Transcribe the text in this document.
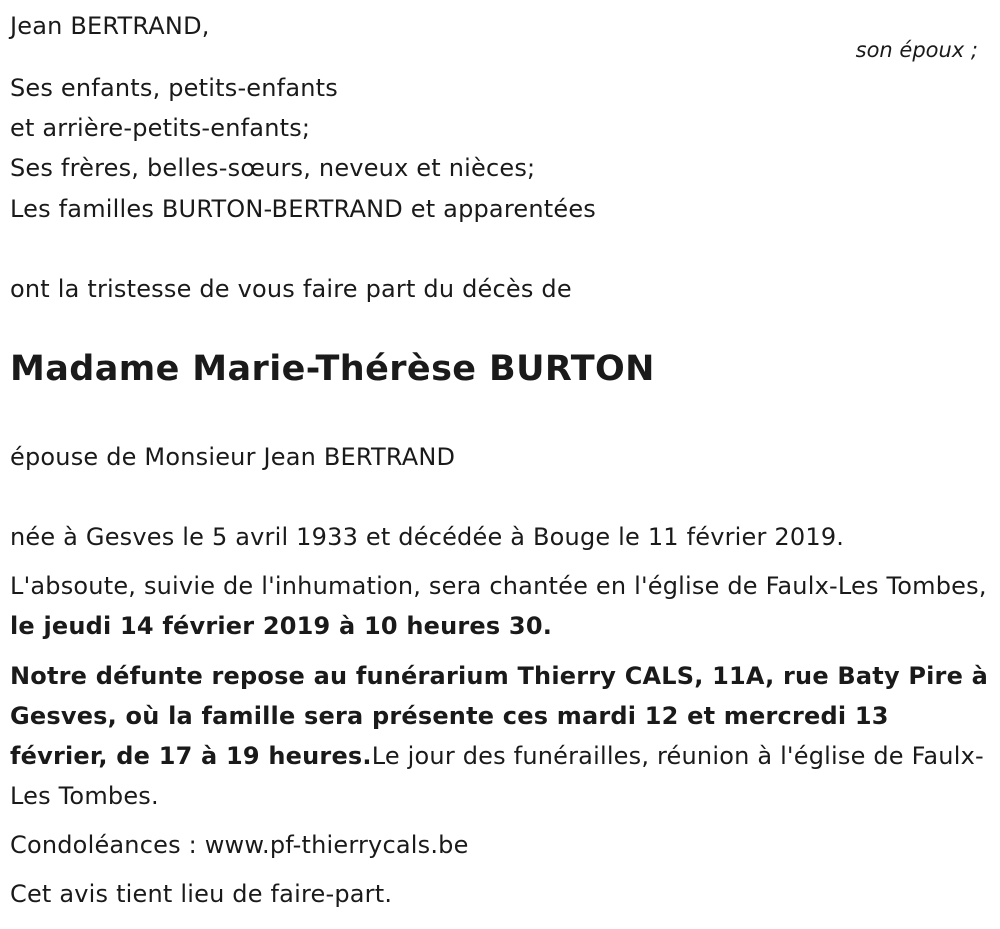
Jean BERTRAND,
son époux ;
Ses enfants, petits-enfants
et arrière-petits-enfants;
Ses frères, belles-sœurs, neveux et nièces;
Les familles BURTON-BERTRAND et apparentées
ont la tristesse de vous faire part du décès de
Madame Marie-Thérèse BURTON
épouse de Monsieur Jean BERTRAND
née à Gesves le 5 avril 1933 et décédée à Bouge le 11 février 2019.
L'absoute, suivie de l'inhumation, sera chantée en l'église de Faulx-Les Tombes, le jeudi 14 février 2019 à 10 heures 30.
Notre défunte repose au funérarium Thierry CALS, 11A, rue Baty Pire à Gesves, où la famille sera présente ces mardi 12 et mercredi 13 février, de 17 à 19 heures.Le jour des funérailles, réunion à l'église de Faulx-Les Tombes.
Condoléances : www.pf-thierrycals.be
Cet avis tient lieu de faire-part.
